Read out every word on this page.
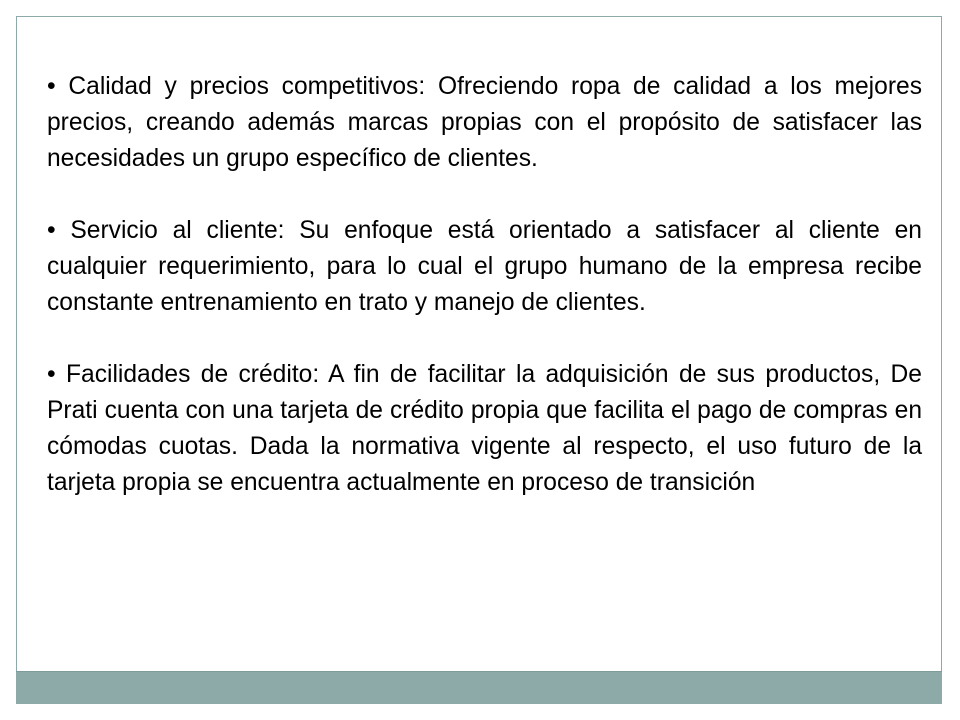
• Calidad y precios competitivos: Ofreciendo ropa de calidad a los mejores precios, creando además marcas propias con el propósito de satisfacer las necesidades un grupo específico de clientes.

• Servicio al cliente: Su enfoque está orientado a satisfacer al cliente en cualquier requerimiento, para lo cual el grupo humano de la empresa recibe constante entrenamiento en trato y manejo de clientes.

• Facilidades de crédito: A fin de facilitar la adquisición de sus productos, De Prati cuenta con una tarjeta de crédito propia que facilita el pago de compras en cómodas cuotas. Dada la normativa vigente al respecto, el uso futuro de la tarjeta propia se encuentra actualmente en proceso de transición
